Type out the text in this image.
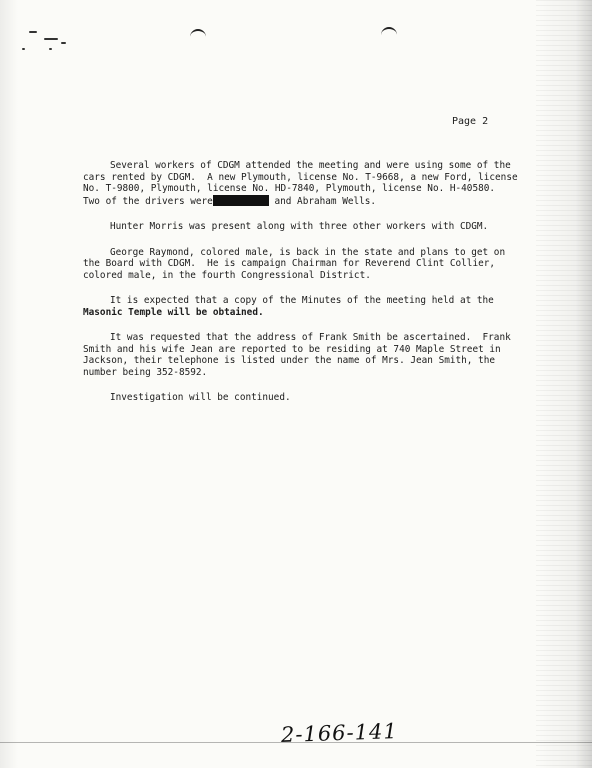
Page 2

Several workers of CDGM attended the meeting and were using some of the
cars rented by CDGM.  A new Plymouth, license No. T-9668, a new Ford, license
No. T-9800, Plymouth, license No. HD-7840, Plymouth, license No. H-40580.
Two of the drivers were	and Abraham Wells.

Hunter Morris was present along with three other workers with CDGM.

George Raymond, colored male, is back in the state and plans to get on
the Board with CDGM.  He is campaign Chairman for Reverend Clint Collier,
colored male, in the fourth Congressional District.

It is expected that a copy of the Minutes of the meeting held at the
Masonic Temple will be obtained.

It was requested that the address of Frank Smith be ascertained.  Frank
Smith and his wife Jean are reported to be residing at 740 Maple Street in
Jackson, their telephone is listed under the name of Mrs. Jean Smith, the
number being 352-8592.

Investigation will be continued.

2-166-141
